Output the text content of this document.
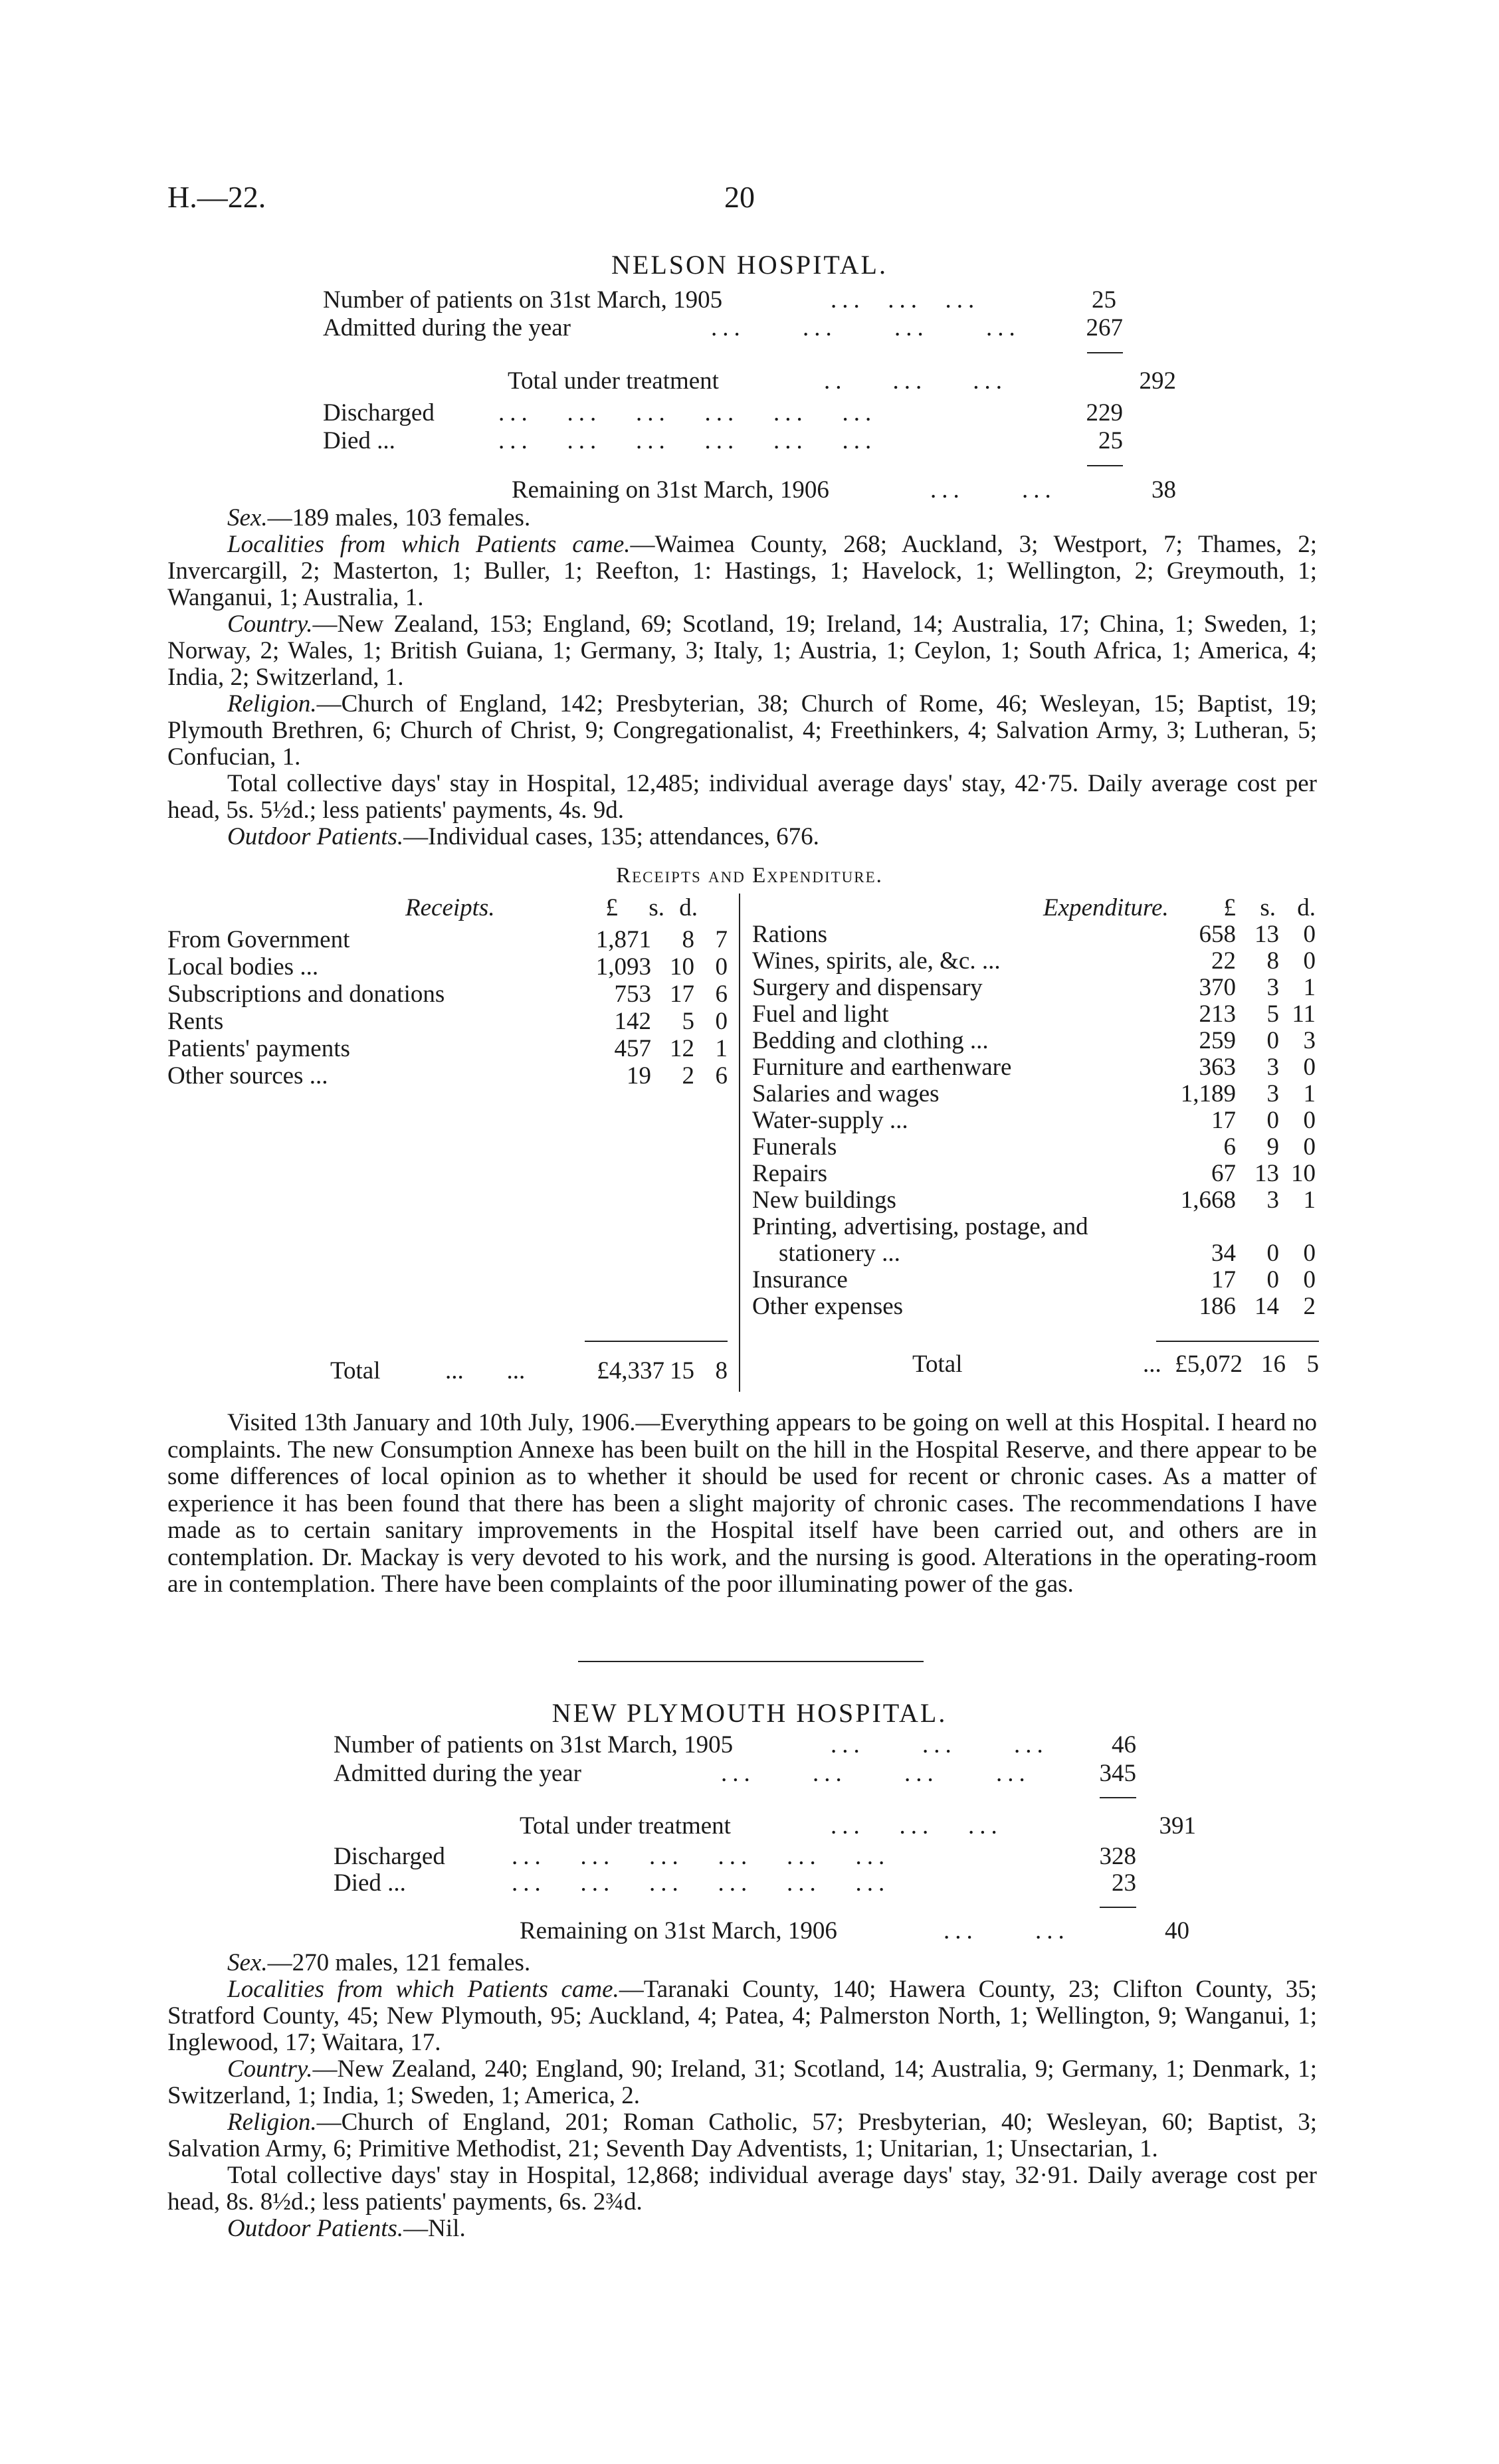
H.—22.	20
NELSON HOSPITAL.
Number of patients on 31st March, 1905	...  ...  ...	25
Admitted during the year	...     ...     ...     ...	267
Total under treatment	..    ...    ...	292
Discharged	...   ...   ...   ...   ...   ...	229
Died ...	...   ...   ...   ...   ...   ...	25
Remaining on 31st March, 1906	...     ...	38

Sex.—189 males, 103 females.

Localities from which Patients came.—Waimea County, 268; Auckland, 3; Westport, 7; Thames, 2; Invercargill, 2; Masterton, 1; Buller, 1; Reefton, 1: Hastings, 1; Havelock, 1; Wellington, 2; Greymouth, 1; Wanganui, 1; Australia, 1.

Country.—New Zealand, 153; England, 69; Scotland, 19; Ireland, 14; Australia, 17; China, 1; Sweden, 1; Norway, 2; Wales, 1; British Guiana, 1; Germany, 3; Italy, 1; Austria, 1; Ceylon, 1; South Africa, 1; America, 4; India, 2; Switzerland, 1.

Religion.—Church of England, 142; Presbyterian, 38; Church of Rome, 46; Wesleyan, 15; Baptist, 19; Plymouth Brethren, 6; Church of Christ, 9; Congregationalist, 4; Freethinkers, 4; Salvation Army, 3; Lutheran, 5; Confucian, 1.

Total collective days' stay in Hospital, 12,485; individual average days' stay, 42·75. Daily average cost per head, 5s. 5½d.; less patients' payments, 4s. 9d.

Outdoor Patients.—Individual cases, 135; attendances, 676.

Receipts and Expenditure.
Receipts.	£	s. d.	Expenditure.	£ s. d.
From Government	1,871	8 7
Local bodies ...	1,093 10 0
Subscriptions and donations	753 17 6
Rents	142	5 0
Patients' payments	457 12 1
Other sources ...	19	2 6
Rations	658 13 0
Wines, spirits, ale, &c. ...	22	8 0
Surgery and dispensary	370	3 1
Fuel and light	213	5 11
Bedding and clothing ...	259	0 3
Furniture and earthenware	363	3 0
Salaries and wages	1,189	3 1
Water-supply ...	17	0 0
Funerals	6	9 0
Repairs	67 13 10
New buildings	1,668	3 1
Printing, advertising, postage, and
stationery ...	34	0 0
Insurance	17	0 0
Other expenses	186 14 2
Total	...       ...	£4,337 15 8	Total	... £5,072 16 5

Visited 13th January and 10th July, 1906.—Everything appears to be going on well at this Hospital. I heard no complaints. The new Consumption Annexe has been built on the hill in the Hospital Reserve, and there appear to be some differences of local opinion as to whether it should be used for recent or chronic cases. As a matter of experience it has been found that there has been a slight majority of chronic cases. The recommendations I have made as to certain sanitary improvements in the Hospital itself have been carried out, and others are in contemplation. Dr. Mackay is very devoted to his work, and the nursing is good. Alterations in the operating-room are in contemplation. There have been complaints of the poor illuminating power of the gas.

NEW PLYMOUTH HOSPITAL.
Number of patients on 31st March, 1905	...     ...     ...	46
Admitted during the year	...     ...     ...     ...	345
Total under treatment	...   ...   ...	391
Discharged	...   ...   ...   ...   ...   ...	328
Died ...	...   ...   ...   ...   ...   ...	23
Remaining on 31st March, 1906	...     ...	40

Sex.—270 males, 121 females.

Localities from which Patients came.—Taranaki County, 140; Hawera County, 23; Clifton County, 35; Stratford County, 45; New Plymouth, 95; Auckland, 4; Patea, 4; Palmerston North, 1; Wellington, 9; Wanganui, 1; Inglewood, 17; Waitara, 17.

Country.—New Zealand, 240; England, 90; Ireland, 31; Scotland, 14; Australia, 9; Germany, 1; Denmark, 1; Switzerland, 1; India, 1; Sweden, 1; America, 2.

Religion.—Church of England, 201; Roman Catholic, 57; Presbyterian, 40; Wesleyan, 60; Baptist, 3; Salvation Army, 6; Primitive Methodist, 21; Seventh Day Adventists, 1; Unitarian, 1; Unsectarian, 1.

Total collective days' stay in Hospital, 12,868; individual average days' stay, 32·91. Daily average cost per head, 8s. 8½d.; less patients' payments, 6s. 2¾d.

Outdoor Patients.—Nil.
